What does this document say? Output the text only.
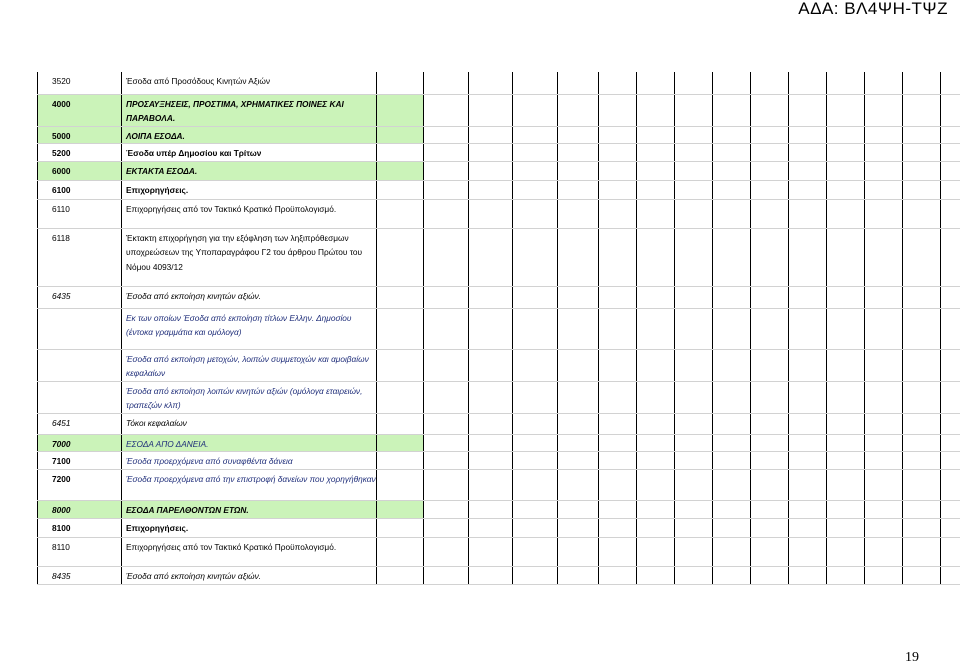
ΑΔΑ: ΒΛ4ΨΗ-ΤΨΖ
3520	Έσοδα από Προσόδους Κινητών Αξιών															
4000	ΠΡΟΣΑΥΞΗΣΕΙΣ, ΠΡΟΣΤΙΜΑ, ΧΡΗΜΑΤΙΚΕΣ ΠΟΙΝΕΣ ΚΑΙ ΠΑΡΑΒΟΛΑ.															
5000	ΛΟΙΠΑ ΕΣΟΔΑ.															
5200	Έσοδα υπέρ Δημοσίου και Τρίτων															
6000	ΕΚΤΑΚΤΑ ΕΣΟΔΑ.															
6100	Επιχορηγήσεις.															
6110	Επιχορηγήσεις από τον Τακτικό Κρατικό Προϋπολογισμό.															
6118	Έκτακτη επιχορήγηση για την εξόφληση των ληξιπρόθεσμων υποχρεώσεων της Υποπαραγράφου Γ2 του άρθρου Πρώτου του Νόμου 4093/12															
6435	Έσοδα από εκποίηση κινητών αξιών.															
	Εκ των οποίων Έσοδα από εκποίηση τίτλων Ελλην. Δημοσίου (έντοκα γραμμάτια και ομόλογα)															
	Έσοδα από εκποίηση μετοχών, λοιπών συμμετοχών και αμοιβαίων κεφαλαίων															
	Έσοδα από εκποίηση λοιπών κινητών αξιών (ομόλογα εταιρειών, τραπεζών κλπ)															
6451	Τόκοι κεφαλαίων															
7000	ΕΣΟΔΑ ΑΠΟ ΔΑΝΕΙΑ.															
7100	Έσοδα προερχόμενα από συναφθέντα δάνεια															
7200	Έσοδα προερχόμενα από την επιστροφή δανείων που χορηγήθηκαν															
8000	ΕΣΟΔΑ ΠΑΡΕΛΘΟΝΤΩΝ ΕΤΩΝ.															
8100	Επιχορηγήσεις.															
8110	Επιχορηγήσεις από τον Τακτικό Κρατικό Προϋπολογισμό.															
8435	Έσοδα από εκποίηση κινητών αξιών.															
19
